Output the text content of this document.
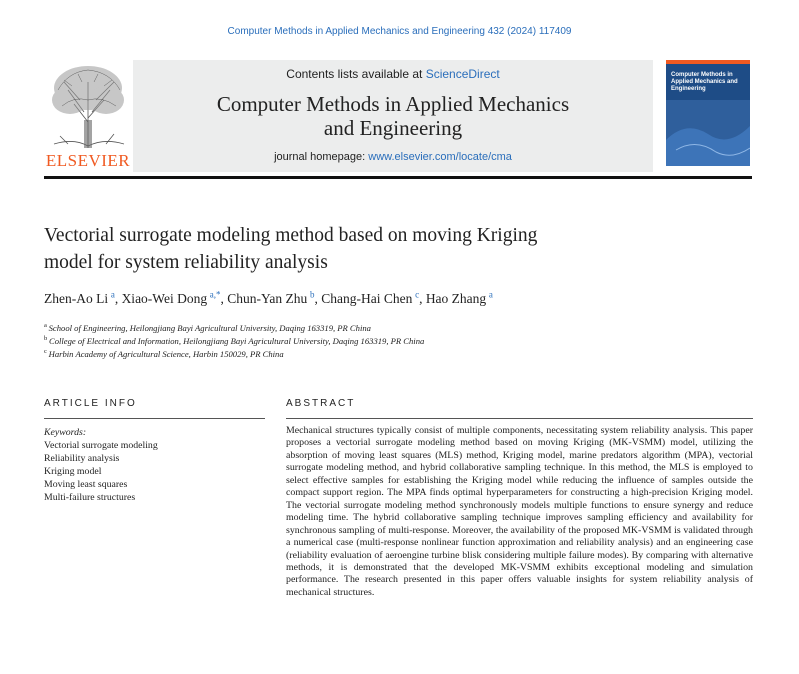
Computer Methods in Applied Mechanics and Engineering 432 (2024) 117409
ELSEVIER
Contents lists available at ScienceDirect
Computer Methods in Applied Mechanics
and Engineering
journal homepage: www.elsevier.com/locate/cma
Computer Methods in Applied Mechanics and Engineering
Vectorial surrogate modeling method based on moving Kriging
model for system reliability analysis
Zhen-Ao Li  $^a$, Xiao-Wei Dong  $^{a,*}$, Chun-Yan Zhu  $^b$, Chang-Hai Chen  $^c$, Hao Zhang  $^a$
$^a$  School of Engineering, Heilongjiang Bayi Agricultural University, Daqing 163319, PR China
$^b$  College of Electrical and Information, Heilongjiang Bayi Agricultural University, Daqing 163319, PR China
$^c$  Harbin Academy of Agricultural Science, Harbin 150029, PR China
ARTICLE INFO	ABSTRACT
Keywords:
Vectorial surrogate modeling
Reliability analysis
Kriging model
Moving least squares
Multi-failure structures
Mechanical structures typically consist of multiple components, necessitating system reliability analysis. This paper proposes a vectorial surrogate modeling method based on moving Kriging (MK-VSMM) model, utilizing the absorption of moving least squares (MLS) method, Kriging model, marine predators algorithm (MPA), vectorial surrogate modeling method, and hybrid collaborative sampling technique. In this method, the MLS is employed to select effective samples for establishing the Kriging model while reducing the influence of samples outside the compact support region. The MPA finds optimal hyperparameters for constructing a high-precision Kriging model. The vectorial surrogate modeling method synchronously models multiple functions to ensure synergy and reduce modeling time. The hybrid collaborative sampling technique improves sampling efficiency and availability for synchronous sampling of multi-response. Moreover, the availability of the proposed MK-VSMM is validated through a numerical case (multi-response nonlinear function approximation and reliability analysis) and an engineering case (reliability evaluation of aeroengine turbine blisk considering multiple failure modes). By comparing with alternative methods, it is demonstrated that the developed MK-VSMM exhibits exceptional modeling and simulation performance. The research presented in this paper offers valuable insights for system reliability analysis of mechanical structures.
